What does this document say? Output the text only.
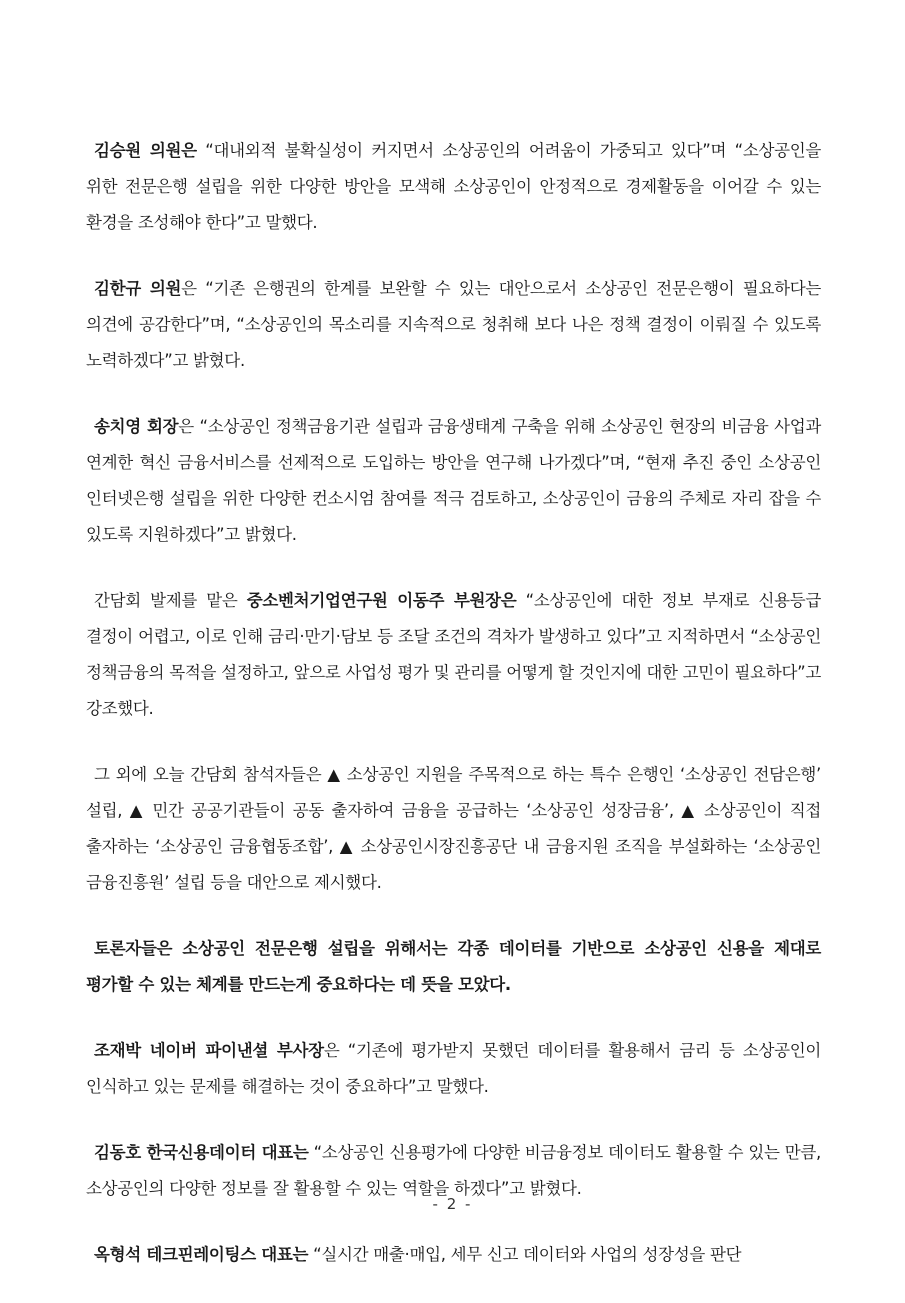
김승원 의원은 “대내외적 불확실성이 커지면서 소상공인의 어려움이 가중되고 있다”며 “소상공인을 위한 전문은행 설립을 위한 다양한 방안을 모색해 소상공인이 안정적으로 경제활동을 이어갈 수 있는 환경을 조성해야 한다”고 말했다.

김한규 의원은 “기존 은행권의 한계를 보완할 수 있는 대안으로서 소상공인 전문은행이 필요하다는 의견에 공감한다”며, “소상공인의 목소리를 지속적으로 청취해 보다 나은 정책 결정이 이뤄질 수 있도록 노력하겠다”고 밝혔다.

송치영 회장은 “소상공인 정책금융기관 설립과 금융생태계 구축을 위해 소상공인 현장의 비금융 사업과 연계한 혁신 금융서비스를 선제적으로 도입하는 방안을 연구해 나가겠다”며, “현재 추진 중인 소상공인 인터넷은행 설립을 위한 다양한 컨소시엄 참여를 적극 검토하고, 소상공인이 금융의 주체로 자리 잡을 수 있도록 지원하겠다”고 밝혔다.

간담회 발제를 맡은 중소벤처기업연구원 이동주 부원장은 “소상공인에 대한 정보 부재로 신용등급 결정이 어렵고, 이로 인해 금리·만기·담보 등 조달 조건의 격차가 발생하고 있다”고 지적하면서 “소상공인 정책금융의 목적을 설정하고, 앞으로 사업성 평가 및 관리를 어떻게 할 것인지에 대한 고민이 필요하다”고 강조했다.

그 외에 오늘 간담회 참석자들은 ▲ 소상공인 지원을 주목적으로 하는 특수 은행인 ‘소상공인 전담은행’ 설립, ▲ 민간 공공기관들이 공동 출자하여 금융을 공급하는 ‘소상공인 성장금융’, ▲ 소상공인이 직접 출자하는 ‘소상공인 금융협동조합’, ▲ 소상공인시장진흥공단 내 금융지원 조직을 부설화하는 ‘소상공인 금융진흥원’ 설립 등을 대안으로 제시했다.

토론자들은 소상공인 전문은행 설립을 위해서는 각종 데이터를 기반으로 소상공인 신용을 제대로 평가할 수 있는 체계를 만드는게 중요하다는 데 뜻을 모았다.

조재박 네이버 파이낸셜 부사장은 “기존에 평가받지 못했던 데이터를 활용해서 금리 등 소상공인이 인식하고 있는 문제를 해결하는 것이 중요하다”고 말했다.

김동호 한국신용데이터 대표는 “소상공인 신용평가에 다양한 비금융정보 데이터도 활용할 수 있는 만큼, 소상공인의 다양한 정보를 잘 활용할 수 있는 역할을 하겠다”고 밝혔다.

옥형석 테크핀레이팅스 대표는 “실시간 매출·매입, 세무 신고 데이터와 사업의 성장성을 판단

- 2 -
